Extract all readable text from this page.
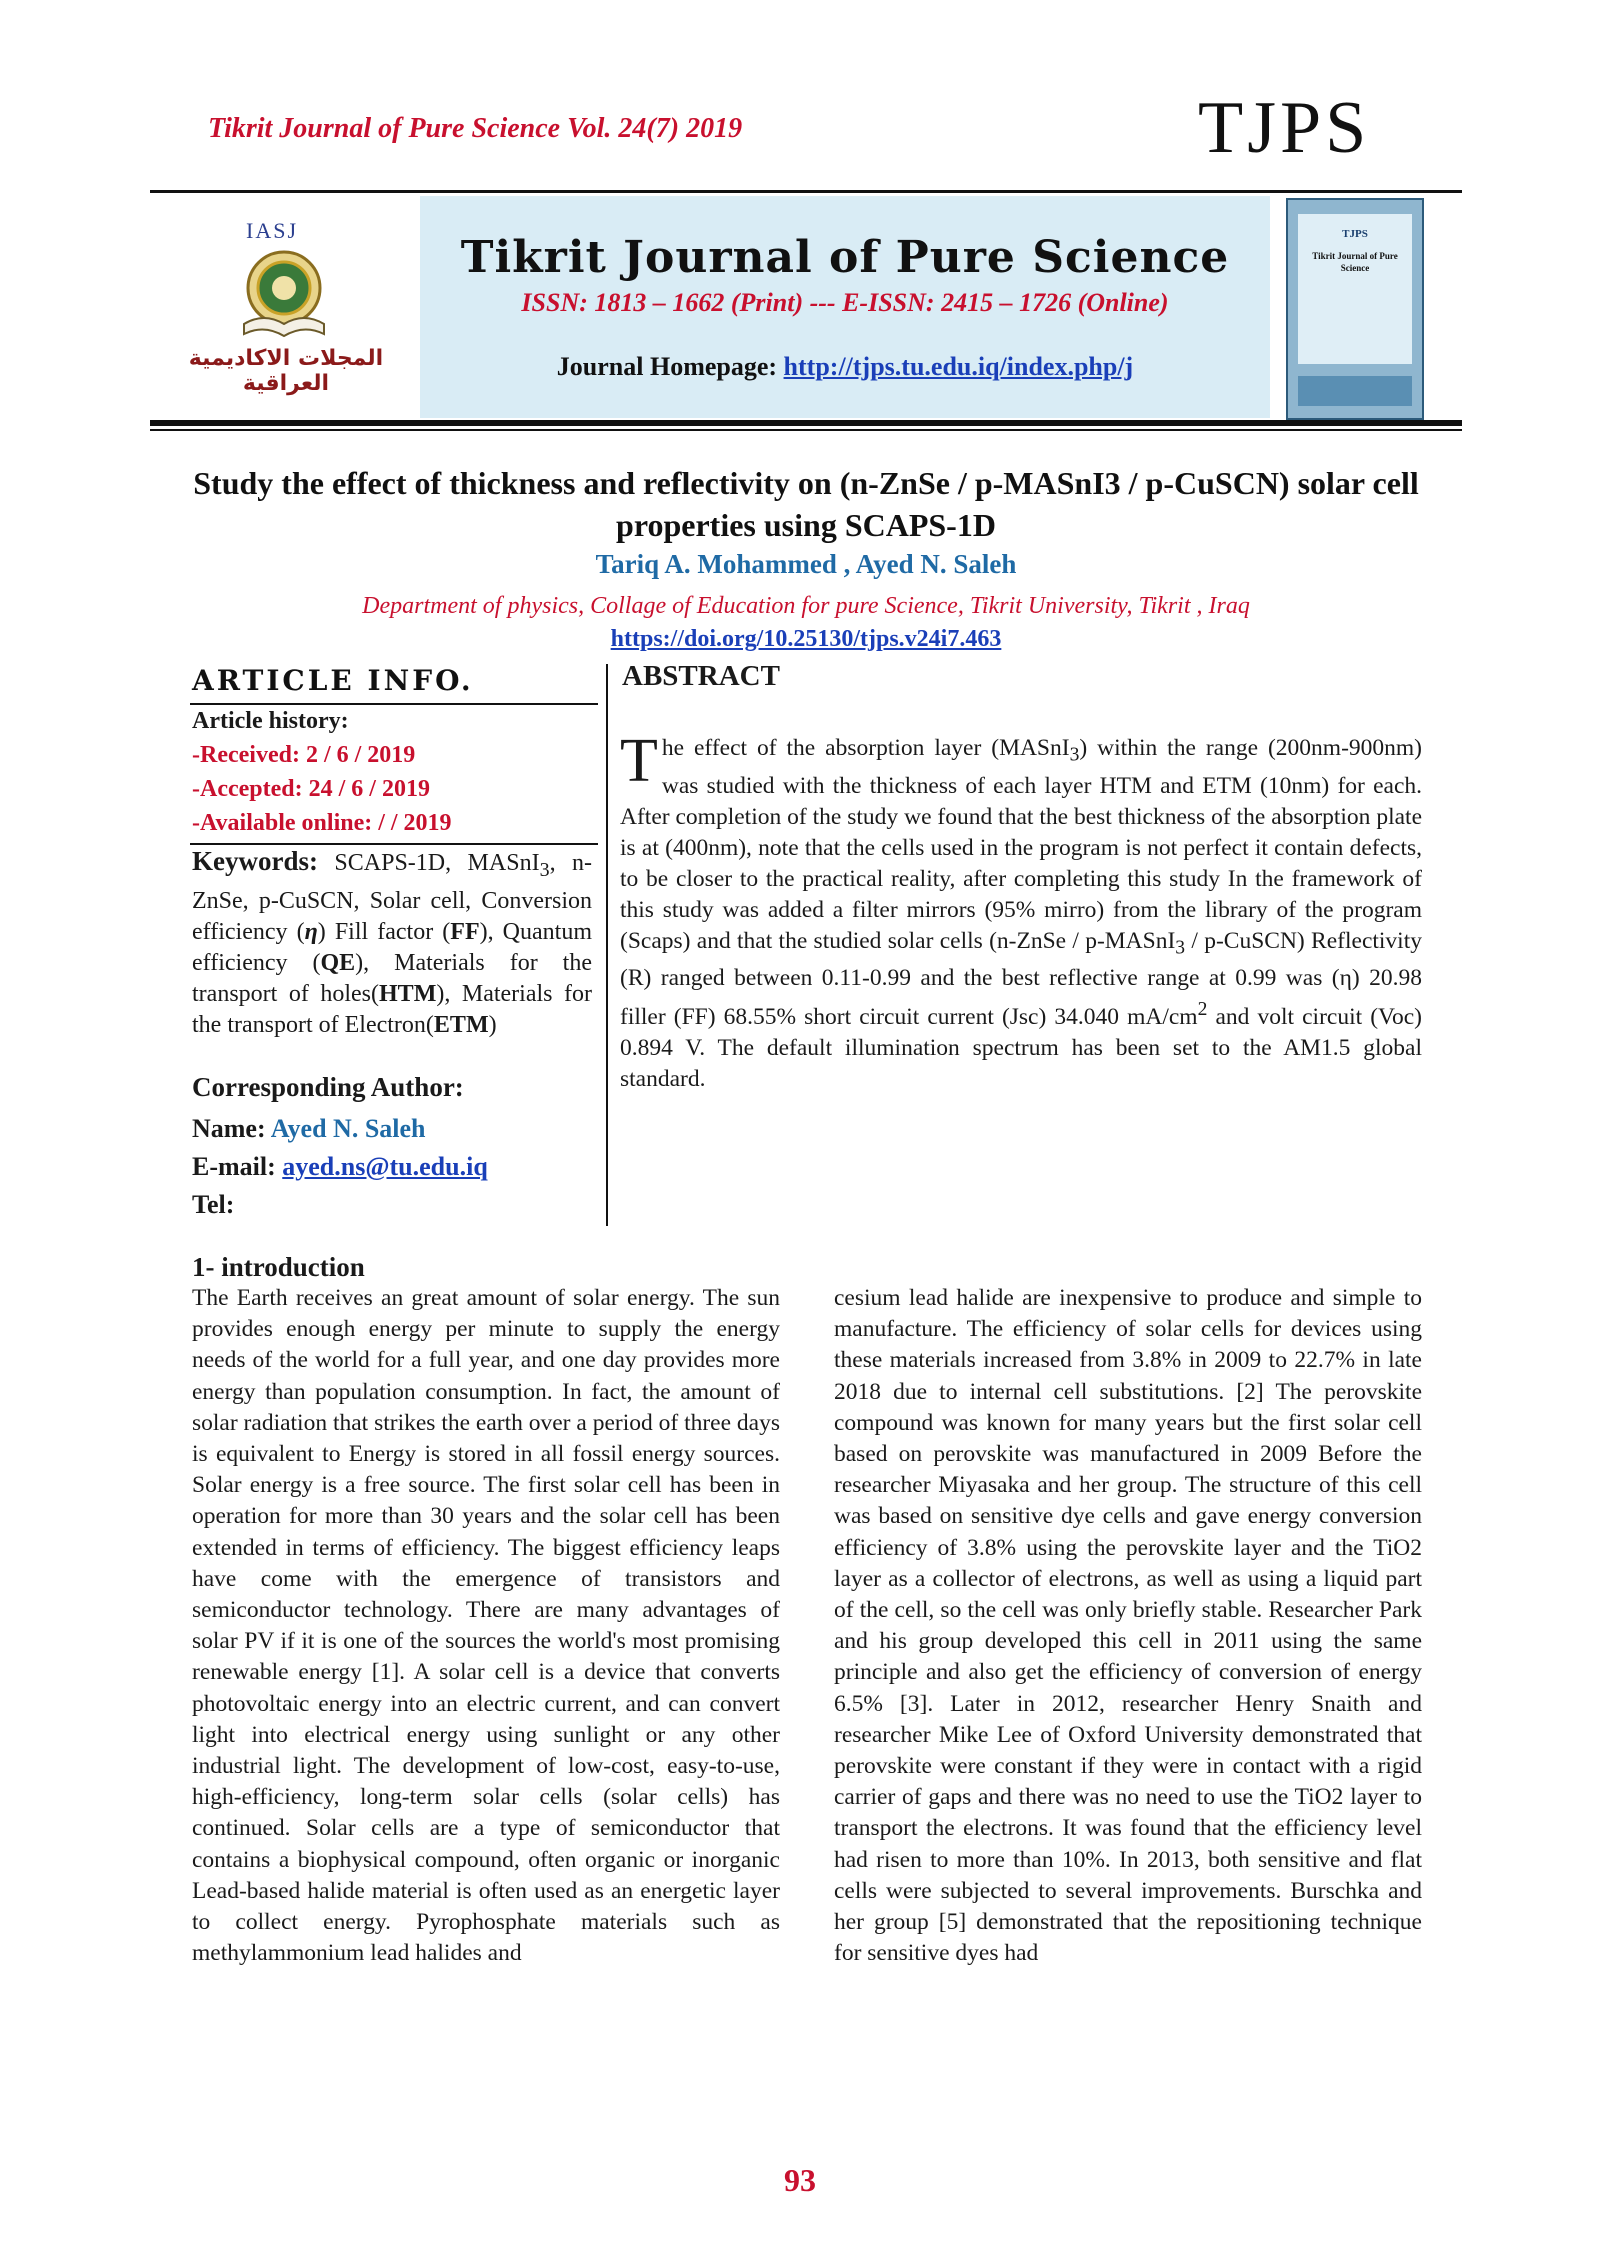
Tikrit Journal of Pure Science Vol. 24(7) 2019	TJPS
IASJ
المجلات الاكاديمية العراقية
Tikrit Journal of Pure Science
ISSN: 1813 – 1662 (Print) --- E-ISSN: 2415 – 1726 (Online)
Journal Homepage: http://tjps.tu.edu.iq/index.php/j
TJPS
Tikrit Journal of Pure Science
Study the effect of thickness and reflectivity on (n-ZnSe / p-MASnI3 / p-CuSCN) solar cell properties using SCAPS-1D
Tariq A. Mohammed , Ayed N. Saleh
Department of physics, Collage of Education for pure Science, Tikrit University, Tikrit , Iraq
https://doi.org/10.25130/tjps.v24i7.463
ARTICLE INFO.
Article history:
-Received: 2 / 6 / 2019
-Accepted: 24 / 6 / 2019
-Available online: / / 2019
Keywords: SCAPS-1D, MASnI$_3$, n-ZnSe, p-CuSCN, Solar cell, Conversion efficiency (η) Fill factor (FF), Quantum efficiency (QE), Materials for the transport of holes(HTM), Materials for the transport of Electron(ETM)
Corresponding Author:
Name: Ayed N. Saleh
E-mail: ayed.ns@tu.edu.iq
Tel:
ABSTRACT
The effect of the absorption layer (MASnI$_3$) within the range (200nm-900nm) was studied with the thickness of each layer HTM and ETM (10nm) for each. After completion of the study we found that the best thickness of the absorption plate is at (400nm), note that the cells used in the program is not perfect it contain defects, to be closer to the practical reality, after completing this study In the framework of this study was added a filter mirrors (95% mirro) from the library of the program (Scaps) and that the studied solar cells (n-ZnSe / p-MASnI$_3$ / p-CuSCN) Reflectivity (R) ranged between 0.11-0.99 and the best reflective range at 0.99 was (η) 20.98 filler (FF) 68.55% short circuit current (Jsc) 34.040 $mA/cm^2$ and volt circuit (Voc) 0.894 V. The default illumination spectrum has been set to the AM1.5 global standard.
1- introduction
The Earth receives an great amount of solar energy. The sun provides enough energy per minute to supply the energy needs of the world for a full year, and one day provides more energy than population consumption. In fact, the amount of solar radiation that strikes the earth over a period of three days is equivalent to Energy is stored in all fossil energy sources. Solar energy is a free source. The first solar cell has been in operation for more than 30 years and the solar cell has been extended in terms of efficiency. The biggest efficiency leaps have come with the emergence of transistors and semiconductor technology. There are many advantages of solar PV if it is one of the sources the world's most promising renewable energy [1]. A solar cell is a device that converts photovoltaic energy into an electric current, and can convert light into electrical energy using sunlight or any other industrial light. The development of low-cost, easy-to-use, high-efficiency, long-term solar cells (solar cells) has continued. Solar cells are a type of semiconductor that contains a biophysical compound, often organic or inorganic Lead-based halide material is often used as an energetic layer to collect energy. Pyrophosphate materials such as methylammonium lead halides and
cesium lead halide are inexpensive to produce and simple to manufacture. The efficiency of solar cells for devices using these materials increased from 3.8% in 2009 to 22.7% in late 2018 due to internal cell substitutions. [2] The perovskite compound was known for many years but the first solar cell based on perovskite was manufactured in 2009 Before the researcher Miyasaka and her group. The structure of this cell was based on sensitive dye cells and gave energy conversion efficiency of 3.8% using the perovskite layer and the TiO2 layer as a collector of electrons, as well as using a liquid part of the cell, so the cell was only briefly stable. Researcher Park and his group developed this cell in 2011 using the same principle and also get the efficiency of conversion of energy 6.5% [3]. Later in 2012, researcher Henry Snaith and researcher Mike Lee of Oxford University demonstrated that perovskite were constant if they were in contact with a rigid carrier of gaps and there was no need to use the TiO2 layer to transport the electrons. It was found that the efficiency level had risen to more than 10%. In 2013, both sensitive and flat cells were subjected to several improvements. Burschka and her group [5] demonstrated that the repositioning technique for sensitive dyes had
93
